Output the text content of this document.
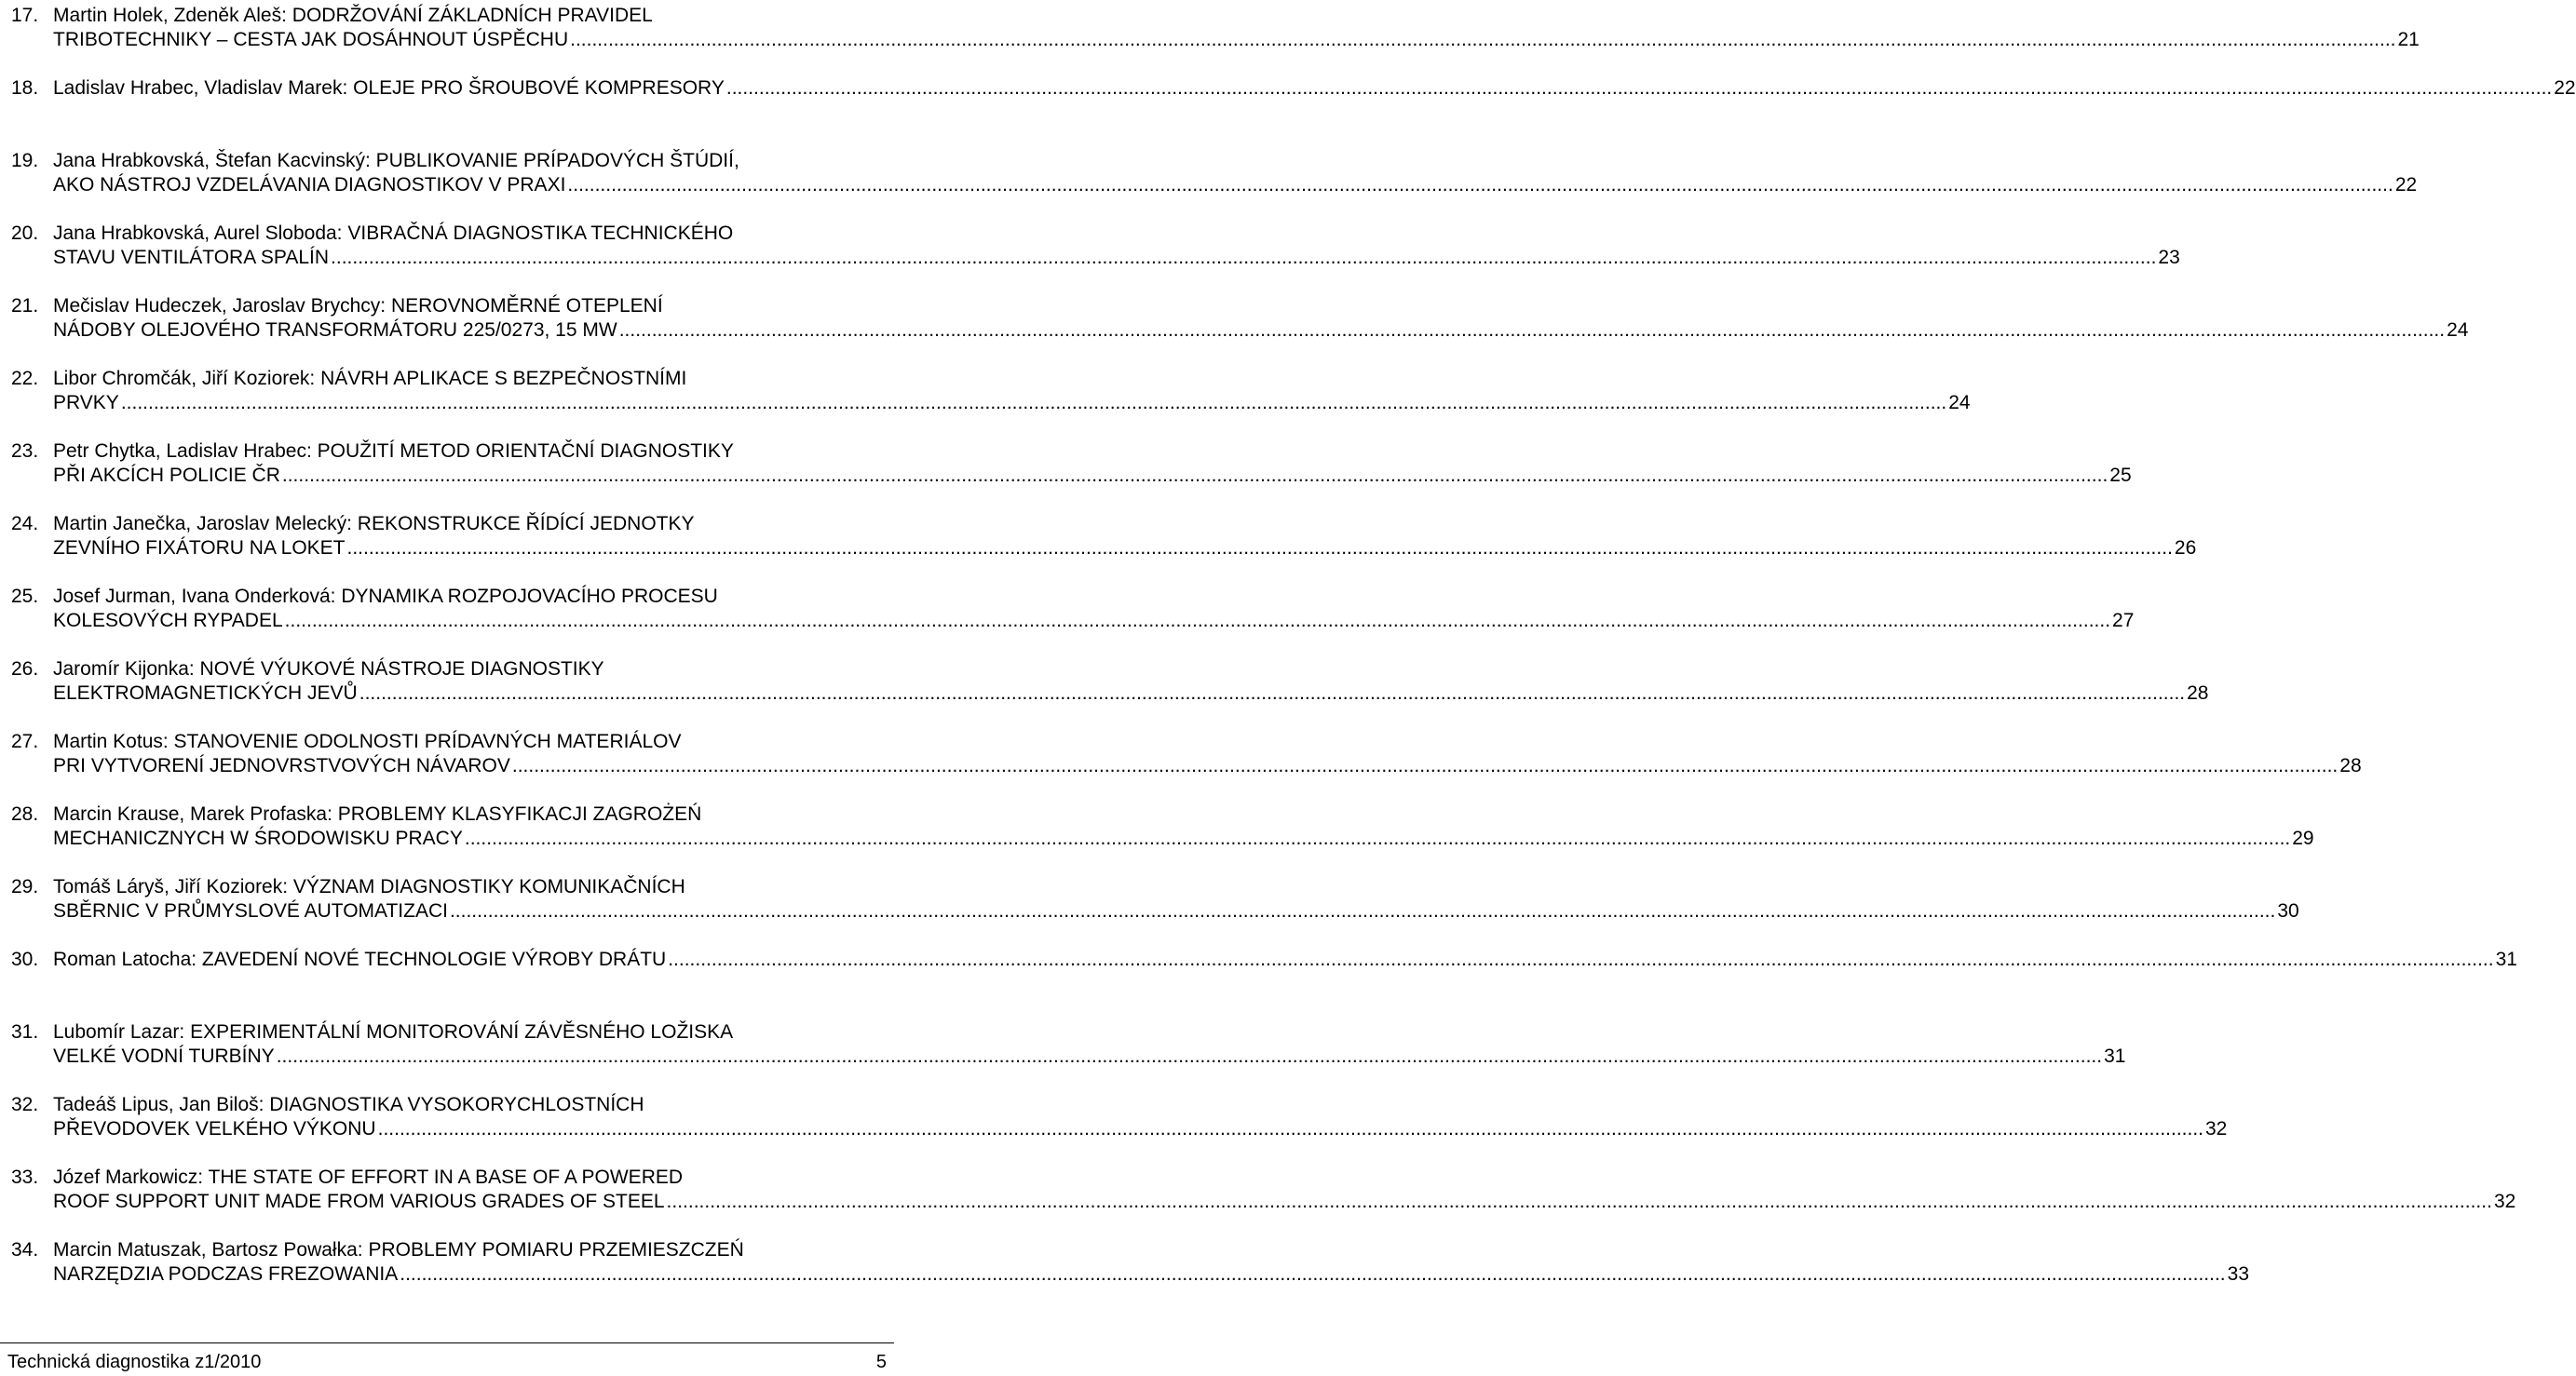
17. Martin Holek, Zdeněk Aleš: DODRŽOVÁNÍ ZÁKLADNÍCH PRAVIDEL
TRIBOTECHNIKY – CESTA JAK DOSÁHNOUT ÚSPĚCHU .....	21
18. Ladislav Hrabec, Vladislav Marek: OLEJE PRO ŠROUBOVÉ KOMPRESORY .....	22
19. Jana Hrabkovská, Štefan Kacvinský: PUBLIKOVANIE PRÍPADOVÝCH ŠTÚDIÍ,
AKO NÁSTROJ VZDELÁVANIA DIAGNOSTIKOV V PRAXI .....	22
20. Jana Hrabkovská, Aurel Sloboda: VIBRAČNÁ DIAGNOSTIKA TECHNICKÉHO
STAVU VENTILÁTORA SPALÍN .....	23
21. Mečislav Hudeczek, Jaroslav Brychcy: NEROVNOMĚRNÉ OTEPLENÍ
NÁDOBY OLEJOVÉHO TRANSFORMÁTORU 225/0273, 15 MW .....	24
22. Libor Chromčák, Jiří Koziorek: NÁVRH APLIKACE S BEZPEČNOSTNÍMI
PRVKY .....	24
23. Petr Chytka, Ladislav Hrabec: POUŽITÍ METOD ORIENTAČNÍ DIAGNOSTIKY
PŘI AKCÍCH POLICIE ČR .....	25
24. Martin Janečka, Jaroslav Melecký: REKONSTRUKCE ŘÍDÍCÍ JEDNOTKY
ZEVNÍHO FIXÁTORU NA LOKET .....	26
25. Josef Jurman, Ivana Onderková: DYNAMIKA ROZPOJOVACÍHO PROCESU
KOLESOVÝCH RYPADEL .....	27
26. Jaromír Kijonka: NOVÉ VÝUKOVÉ NÁSTROJE DIAGNOSTIKY
ELEKTROMAGNETICKÝCH JEVŮ .....	28
27. Martin Kotus: STANOVENIE ODOLNOSTI PRÍDAVNÝCH MATERIÁLOV
PRI VYTVORENÍ JEDNOVRSTVOVÝCH NÁVAROV .....	28
28. Marcin Krause, Marek Profaska: PROBLEMY KLASYFIKACJI ZAGROŻEŃ
MECHANICZNYCH W ŚRODOWISKU PRACY .....	29
29. Tomáš Láryš, Jiří Koziorek: VÝZNAM DIAGNOSTIKY KOMUNIKAČNÍCH
SBĚRNIC V PRŮMYSLOVÉ AUTOMATIZACI .....	30
30. Roman Latocha: ZAVEDENÍ NOVÉ TECHNOLOGIE VÝROBY DRÁTU .....	31
31. Lubomír Lazar: EXPERIMENTÁLNÍ MONITOROVÁNÍ ZÁVĚSNÉHO LOŽISKA
VELKÉ VODNÍ TURBÍNY .....	31
32. Tadeáš Lipus, Jan Biloš: DIAGNOSTIKA VYSOKORYCHLOSTNÍCH
PŘEVODOVEK VELKÉHO VÝKONU .....	32
33. Józef Markowicz: THE STATE OF EFFORT IN A BASE OF A POWERED
ROOF SUPPORT UNIT MADE FROM VARIOUS GRADES OF STEEL .....	32
34. Marcin Matuszak, Bartosz Powałka: PROBLEMY POMIARU PRZEMIESZCZEŃ
NARZĘDZIA PODCZAS FREZOWANIA .....	33
Technická diagnostika z1/2010	5
